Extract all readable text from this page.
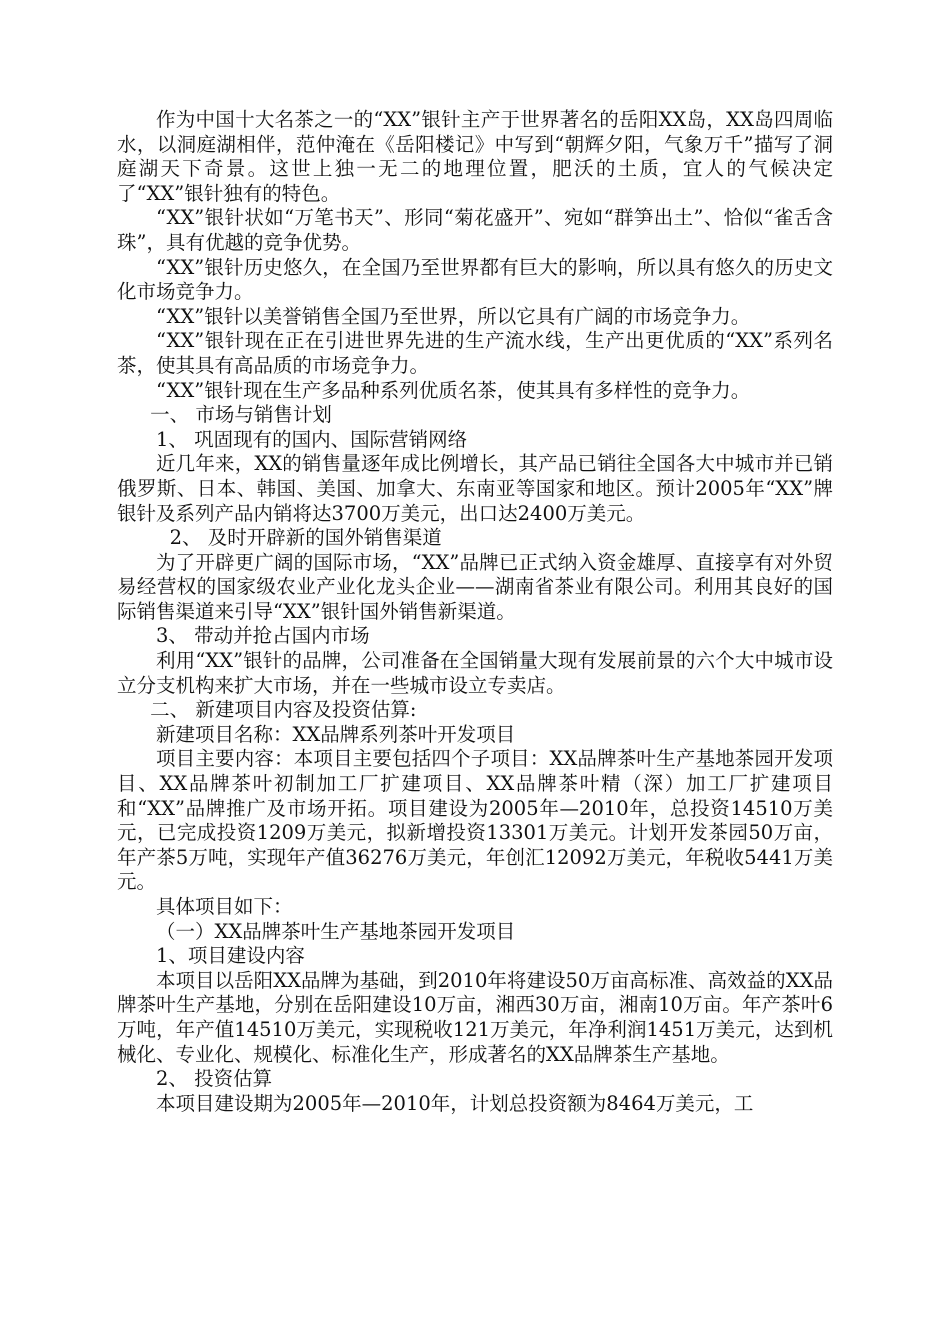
作为中国十大名茶之一的“XX”银针主产于世界著名的岳阳XX岛，XX岛四周临水，以洞庭湖相伴，范仲淹在《岳阳楼记》中写到“朝辉夕阳，气象万千”描写了洞庭湖天下奇景。这世上独一无二的地理位置，肥沃的土质，宜人的气候决定了“XX”银针独有的特色。

“XX”银针状如“万笔书天”、形同“菊花盛开”、宛如“群笋出土”、恰似“雀舌含珠”，具有优越的竞争优势。

“XX”银针历史悠久，在全国乃至世界都有巨大的影响，所以具有悠久的历史文化市场竞争力。

“XX”银针以美誉销售全国乃至世界，所以它具有广阔的市场竞争力。

“XX”银针现在正在引进世界先进的生产流水线，生产出更优质的“XX”系列名茶，使其具有高品质的市场竞争力。

“XX”银针现在生产多品种系列优质名茶，使其具有多样性的竞争力。

一、 市场与销售计划

1、 巩固现有的国内、国际营销网络

近几年来，XX的销售量逐年成比例增长，其产品已销往全国各大中城市并已销俄罗斯、日本、韩国、美国、加拿大、东南亚等国家和地区。预计2005年“XX”牌银针及系列产品内销将达3700万美元，出口达2400万美元。

2、 及时开辟新的国外销售渠道

为了开辟更广阔的国际市场，“XX”品牌已正式纳入资金雄厚、直接享有对外贸易经营权的国家级农业产业化龙头企业——湖南省茶业有限公司。利用其良好的国际销售渠道来引导“XX”银针国外销售新渠道。

3、 带动并抢占国内市场

利用“XX”银针的品牌，公司准备在全国销量大现有发展前景的六个大中城市设立分支机构来扩大市场，并在一些城市设立专卖店。

二、 新建项目内容及投资估算:

新建项目名称：XX品牌系列茶叶开发项目

项目主要内容：本项目主要包括四个子项目：XX品牌茶叶生产基地茶园开发项目、XX品牌茶叶初制加工厂扩建项目、XX品牌茶叶精（深）加工厂扩建项目和“XX”品牌推广及市场开拓。项目建设为2005年—2010年，总投资14510万美元，已完成投资1209万美元，拟新增投资13301万美元。计划开发茶园50万亩，年产茶5万吨，实现年产值36276万美元，年创汇12092万美元，年税收5441万美元。

具体项目如下：

（一）XX品牌茶叶生产基地茶园开发项目

1、项目建设内容

本项目以岳阳XX品牌为基础，到2010年将建设50万亩高标准、高效益的XX品牌茶叶生产基地，分别在岳阳建设10万亩，湘西30万亩，湘南10万亩。年产茶叶6万吨，年产值14510万美元，实现税收121万美元，年净利润1451万美元，达到机械化、专业化、规模化、标准化生产，形成著名的XX品牌茶生产基地。

2、 投资估算

本项目建设期为2005年—2010年，计划总投资额为8464万美元，工
